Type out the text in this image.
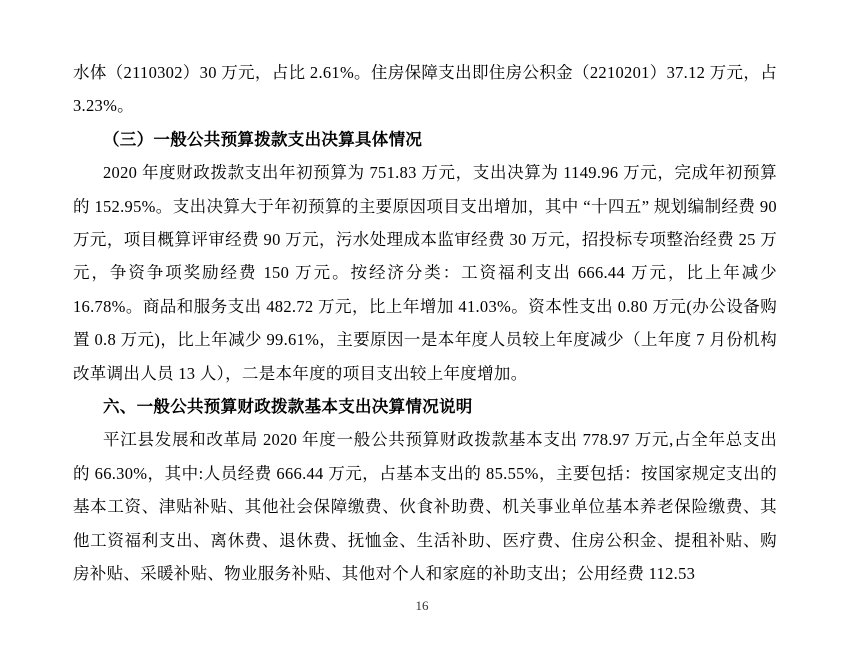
水体（2110302）30 万元，占比 2.61%。住房保障支出即住房公积金（2210201）37.12 万元，占 3.23%。

（三）一般公共预算拨款支出决算具体情况

2020 年度财政拨款支出年初预算为 751.83 万元，支出决算为 1149.96 万元，完成年初预算的 152.95%。支出决算大于年初预算的主要原因项目支出增加，其中 “十四五” 规划编制经费 90 万元，项目概算评审经费 90 万元，污水处理成本监审经费 30 万元，招投标专项整治经费 25 万元，争资争项奖励经费 150 万元。按经济分类：工资福利支出 666.44 万元，比上年减少 16.78%。商品和服务支出 482.72 万元，比上年增加 41.03%。资本性支出 0.80 万元(办公设备购置 0.8 万元)，比上年减少 99.61%，主要原因一是本年度人员较上年度减少（上年度 7 月份机构改革调出人员 13 人），二是本年度的项目支出较上年度增加。

六、一般公共预算财政拨款基本支出决算情况说明

平江县发展和改革局 2020 年度一般公共预算财政拨款基本支出 778.97 万元,占全年总支出的 66.30%，其中:人员经费 666.44 万元，占基本支出的 85.55%，主要包括：按国家规定支出的基本工资、津贴补贴、其他社会保障缴费、伙食补助费、机关事业单位基本养老保险缴费、其他工资福利支出、离休费、退休费、抚恤金、生活补助、医疗费、住房公积金、提租补贴、购房补贴、采暖补贴、物业服务补贴、其他对个人和家庭的补助支出；公用经费 112.53

16
